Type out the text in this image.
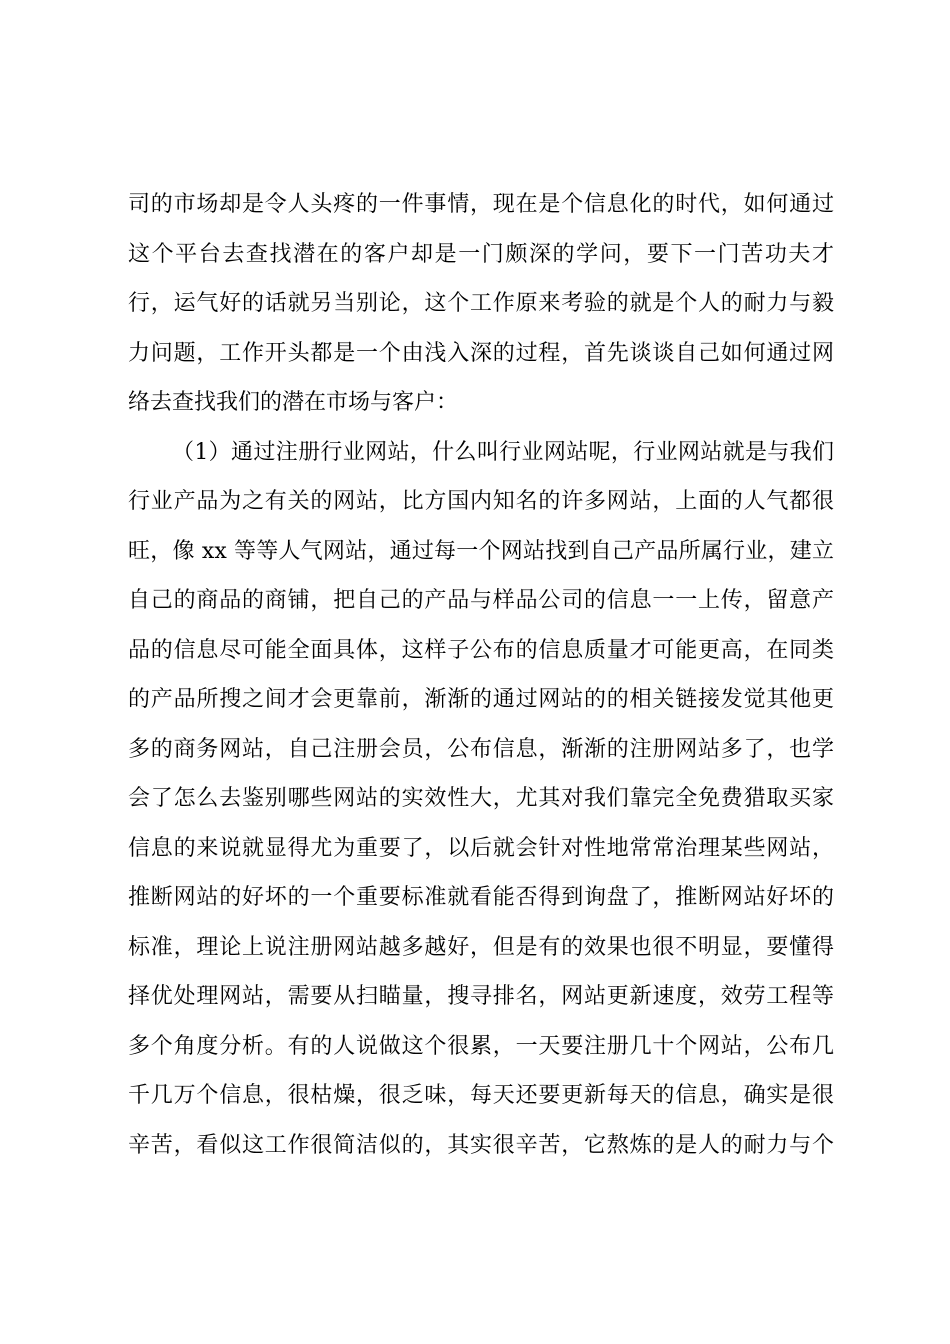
司的市场却是令人头疼的一件事情，现在是个信息化的时代，如何通过
这个平台去查找潜在的客户却是一门颇深的学问，要下一门苦功夫才
行，运气好的话就另当别论，这个工作原来考验的就是个人的耐力与毅
力问题，工作开头都是一个由浅入深的过程，首先谈谈自己如何通过网
络去查找我们的潜在市场与客户：
（1）通过注册行业网站，什么叫行业网站呢，行业网站就是与我们
行业产品为之有关的网站，比方国内知名的许多网站，上面的人气都很
旺，像 xx 等等人气网站，通过每一个网站找到自己产品所属行业，建立
自己的商品的商铺，把自己的产品与样品公司的信息一一上传，留意产
品的信息尽可能全面具体，这样子公布的信息质量才可能更高，在同类
的产品所搜之间才会更靠前，渐渐的通过网站的的相关链接发觉其他更
多的商务网站，自己注册会员，公布信息，渐渐的注册网站多了，也学
会了怎么去鉴别哪些网站的实效性大，尤其对我们靠完全免费猎取买家
信息的来说就显得尤为重要了，以后就会针对性地常常治理某些网站，
推断网站的好坏的一个重要标准就看能否得到询盘了，推断网站好坏的
标准，理论上说注册网站越多越好，但是有的效果也很不明显，要懂得
择优处理网站，需要从扫瞄量，搜寻排名，网站更新速度，效劳工程等
多个角度分析。有的人说做这个很累，一天要注册几十个网站，公布几
千几万个信息，很枯燥，很乏味，每天还要更新每天的信息，确实是很
辛苦，看似这工作很简洁似的，其实很辛苦，它熬炼的是人的耐力与个
